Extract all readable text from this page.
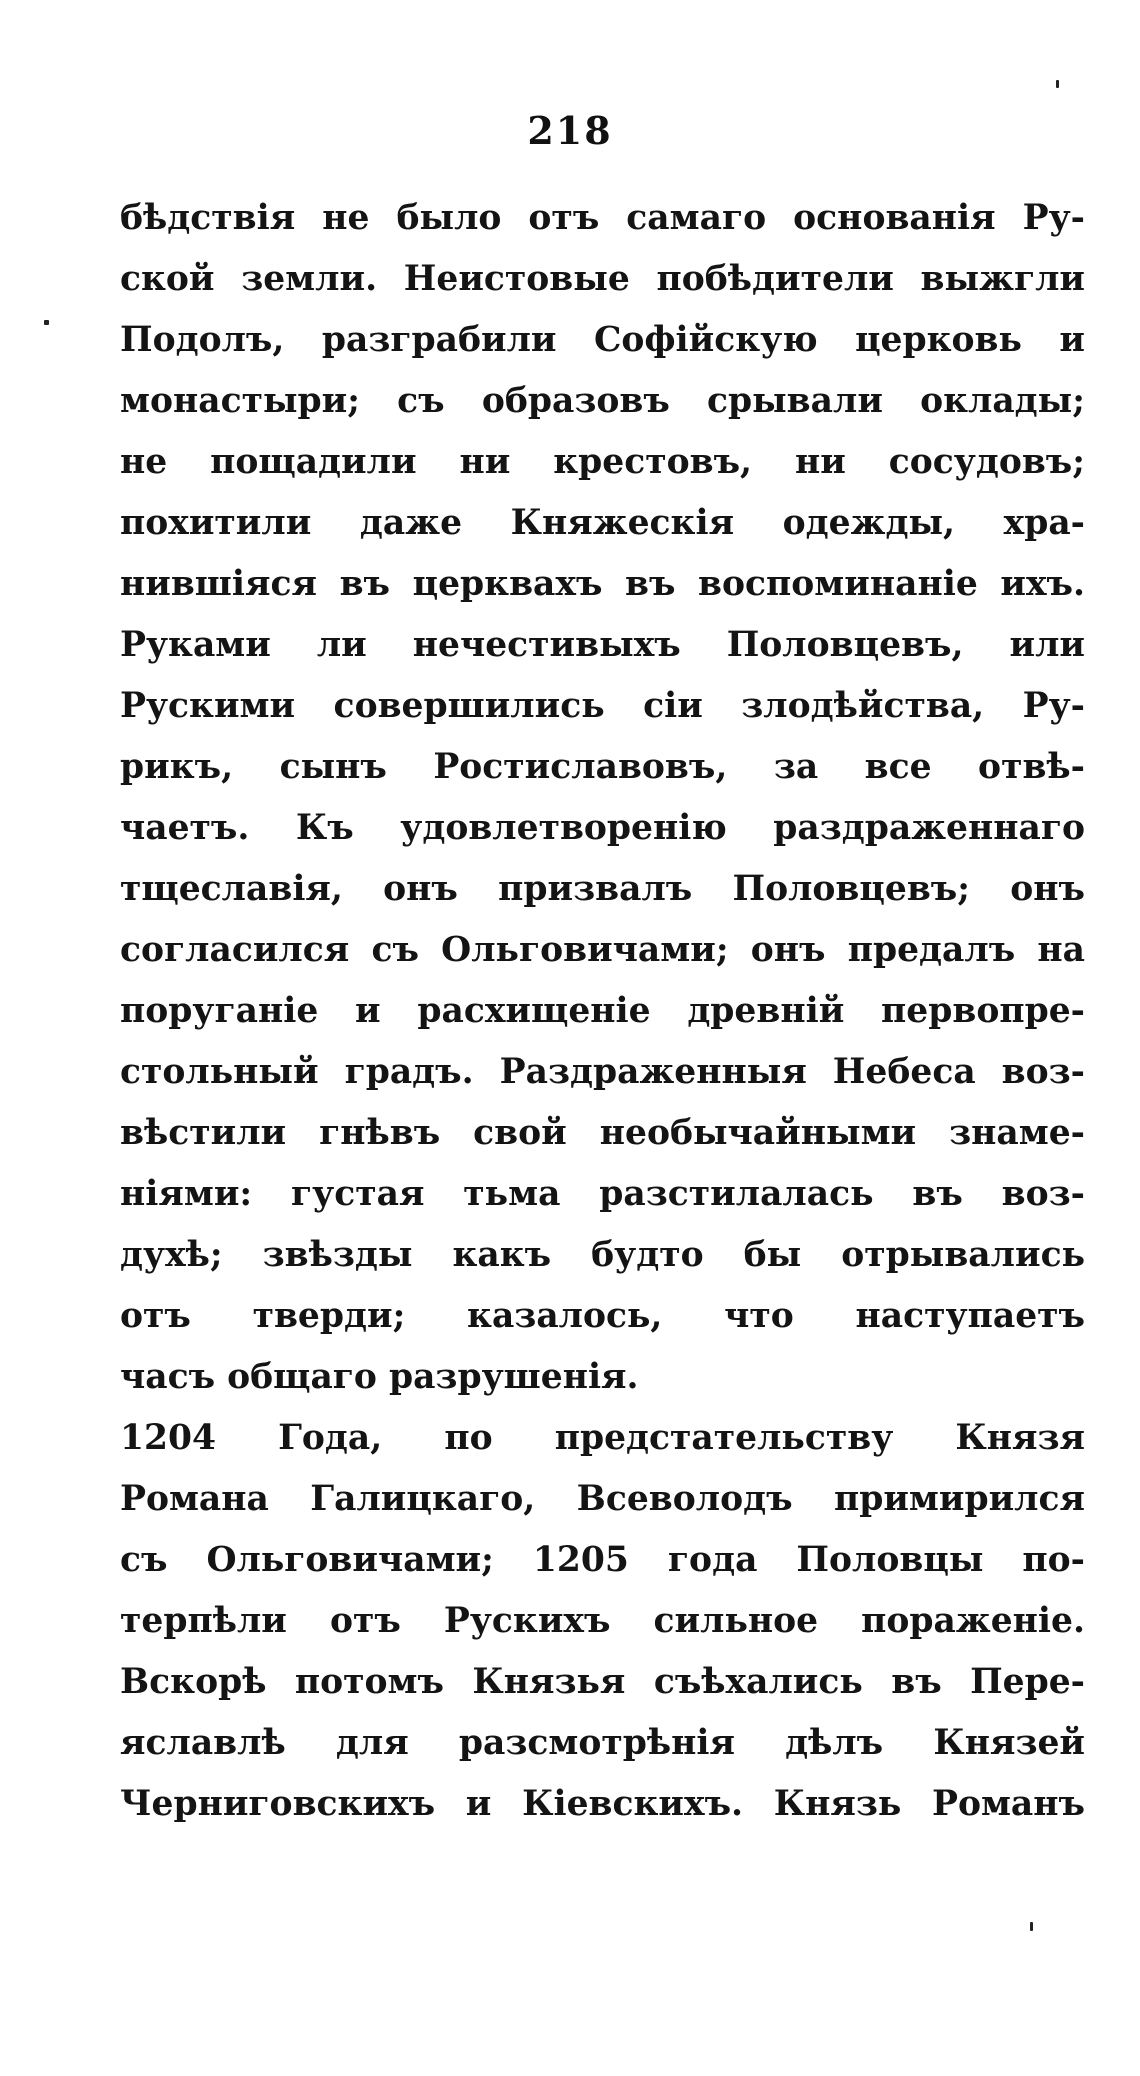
218
бѣдствія не было отъ самаго основанія Ру-
ской земли. Неистовые побѣдители выжгли
Подолъ, разграбили Софійскую церковь и
монастыри; съ образовъ срывали оклады;
не пощадили ни крестовъ, ни сосудовъ;
похитили даже Княжескія одежды, хра-
нившіяся въ церквахъ въ воспоминаніе ихъ.
Руками ли нечестивыхъ Половцевъ, или
Рускими совершились сіи злодѣйства, Ру-
рикъ, сынъ Ростиславовъ, за все отвѣ-
чаетъ. Къ удовлетворенію раздраженнаго
тщеславія, онъ призвалъ Половцевъ; онъ
согласился съ Ольговичами; онъ предалъ на
поруганіе и расхищеніе древній первопре-
стольный градъ. Раздраженныя Небеса воз-
вѣстили гнѣвъ свой необычайными знаме-
ніями: густая тьма разстилалась въ воз-
духѣ; звѣзды какъ будто бы отрывались
отъ тверди; казалось, что наступаетъ
часъ общаго разрушенія.
1204 Года, по предстательству Князя
Романа Галицкаго, Всеволодъ примирился
съ Ольговичами; 1205 года Половцы по-
терпѣли отъ Рускихъ сильное пораженіе.
Вскорѣ потомъ Князья съѣхались въ Пере-
яславлѣ для разсмотрѣнія дѣлъ Князей
Черниговскихъ и Кіевскихъ. Князь Романъ
